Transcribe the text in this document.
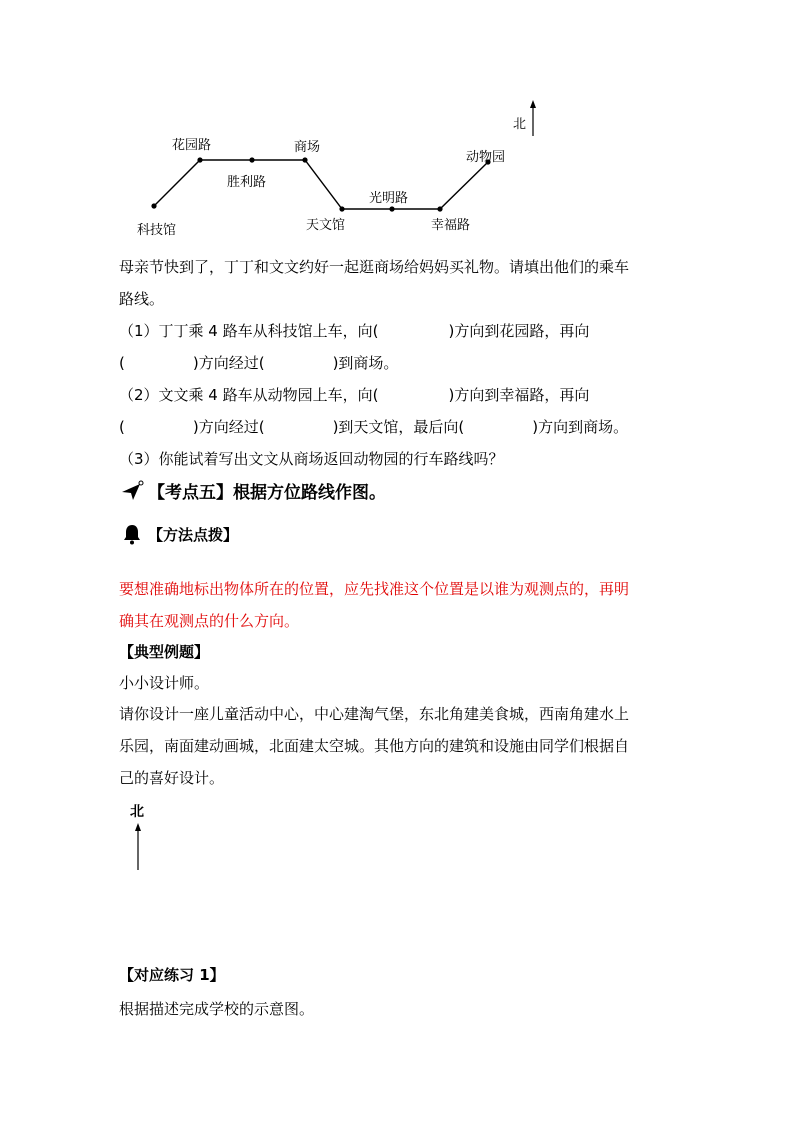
北
科技馆
花园路
胜利路
商场
天文馆
光明路
幸福路
动物园
母亲节快到了，丁丁和文文约好一起逛商场给妈妈买礼物。请填出他们的乘车
路线。
（1）丁丁乘 4 路车从科技馆上车，向(	)方向到花园路，再向
(	)方向经过(	)到商场。
（2）文文乘 4 路车从动物园上车，向(	)方向到幸福路，再向
(	)方向经过(	)到天文馆，最后向(	)方向到商场。
（3）你能试着写出文文从商场返回动物园的行车路线吗？
【考点五】根据方位路线作图。
【方法点拨】
要想准确地标出物体所在的位置，应先找准这个位置是以谁为观测点的，再明
确其在观测点的什么方向。
【典型例题】
小小设计师。
请你设计一座儿童活动中心，中心建淘气堡，东北角建美食城，西南角建水上
乐园，南面建动画城，北面建太空城。其他方向的建筑和设施由同学们根据自
己的喜好设计。
北
【对应练习 1】
根据描述完成学校的示意图。
